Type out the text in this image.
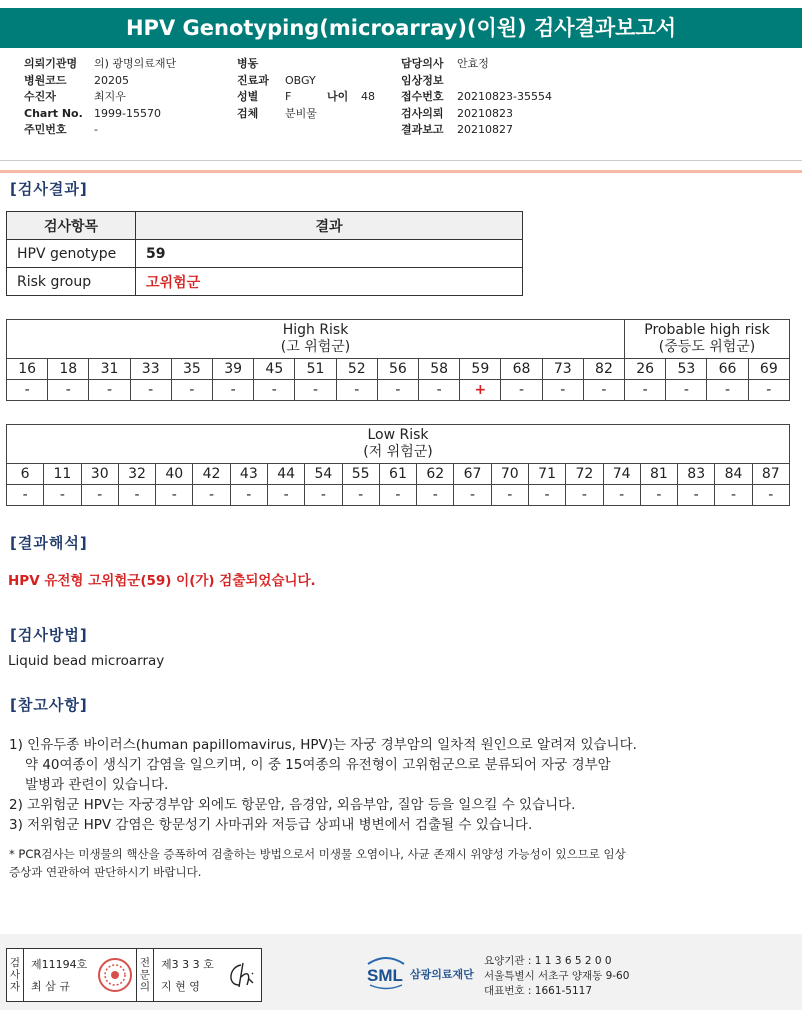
HPV Genotyping(microarray)(이원) 검사결과보고서
의뢰기관명 의) 광명의료재단
병원코드 20205
수진자	최지우
Chart No. 1999-15570
주민번호 -
병동
진료과 OBGY
성별 F	나이 48
검체 분비물
담당의사 안효정
임상정보
접수번호 20210823-35554
검사의뢰 20210823
결과보고 20210827
[검사결과]
검사항목	결과
HPV genotype	59
Risk group	고위험군
High Risk
(고 위험군)															Probable high risk
(중등도 위험군)			
16	18	31	33	35	39	45	51	52	56	58	59	68	73	82	26	53	66	69
-	-	-	-	-	-	-	-	-	-	-	+	-	-	-	-	-	-	-
Low Risk
(저 위험군)																				
6	11	30	32	40	42	43	44	54	55	61	62	67	70	71	72	74	81	83	84	87
-	-	-	-	-	-	-	-	-	-	-	-	-	-	-	-	-	-	-	-	-
[결과해석]
HPV 유전형 고위험군(59) 이(가) 검출되었습니다.
[검사방법]
Liquid bead microarray
[참고사항]
1) 인유두종 바이러스(human papillomavirus, HPV)는 자궁 경부암의 일차적 원인으로 알려져 있습니다.
약 40여종이 생식기 감염을 일으키며, 이 중 15여종의 유전형이 고위험군으로 분류되어 자궁 경부암
발병과 관련이 있습니다.
2) 고위험군 HPV는 자궁경부암 외에도 항문암, 음경암, 외음부암, 질암 등을 일으킬 수 있습니다.
3) 저위험군 HPV 감염은 항문성기 사마귀와 저등급 상피내 병변에서 검출될 수 있습니다.
* PCR검사는 미생물의 핵산을 증폭하여 검출하는 방법으로서 미생물 오염이나, 사균 존재시 위양성 가능성이 있으므로 임상
증상과 연관하여 판단하시기 바랍니다.
검
사
자
제11194호
최 삼 규
전
문
의
제3 3 3 호
지 현 영
SML 삼광의료재단
요양기관 : 1 1 3 6 5 2 0 0
서울특별시 서초구 양재동 9-60
대표번호 : 1661-5117
